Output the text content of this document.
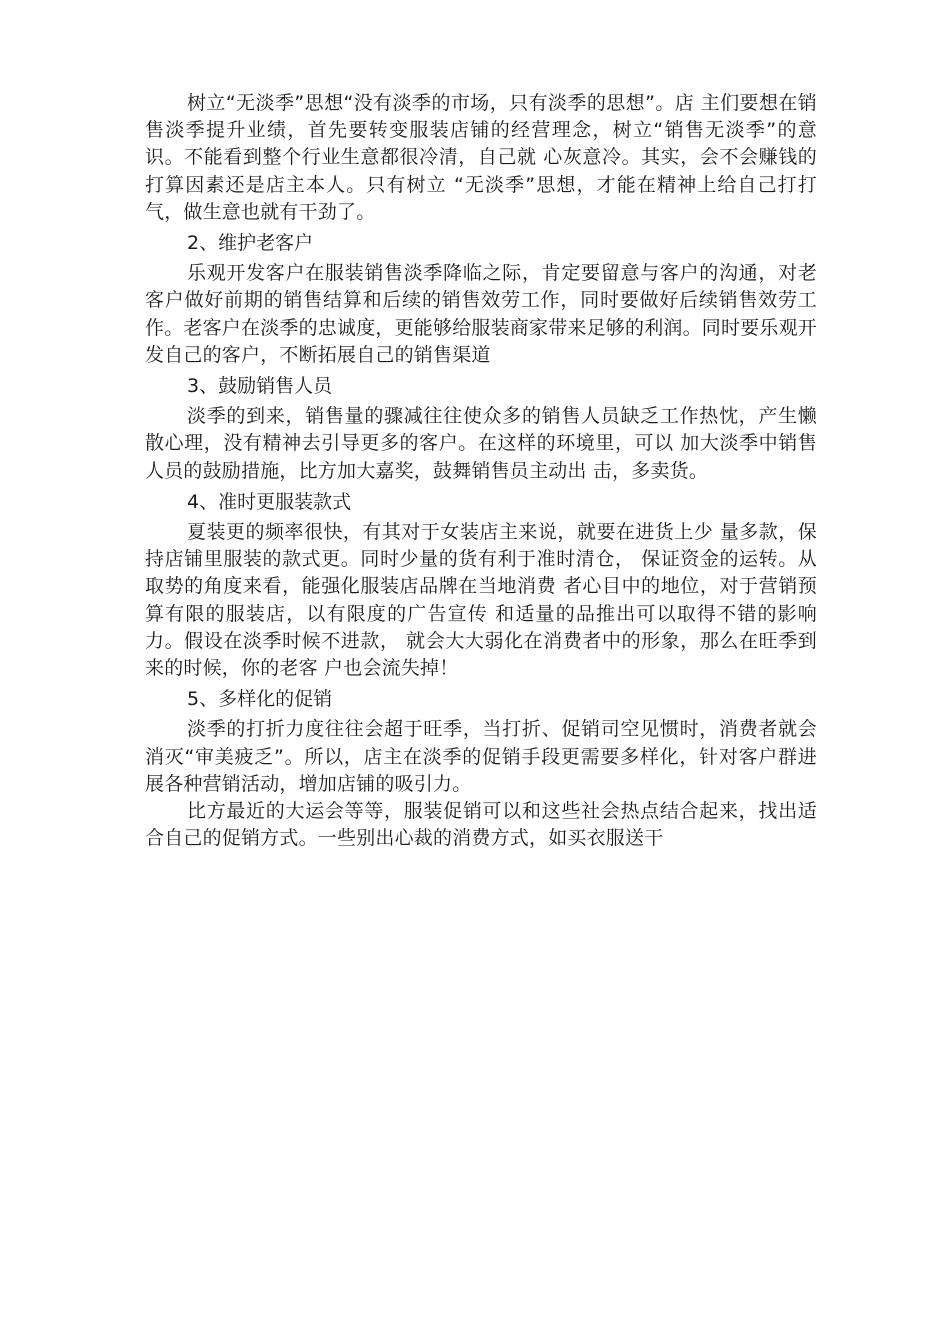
树立“无淡季”思想“没有淡季的市场，只有淡季的思想”。店 主们要想在销售淡季提升业绩，首先要转变服装店铺的经营理念，树立“销售无淡季”的意识。不能看到整个行业生意都很冷清，自己就 心灰意冷。其实，会不会赚钱的打算因素还是店主本人。只有树立 “无淡季”思想，才能在精神上给自己打打气，做生意也就有干劲了。

2、维护老客户

乐观开发客户在服装销售淡季降临之际，肯定要留意与客户的沟通，对老客户做好前期的销售结算和后续的销售效劳工作，同时要做好后续销售效劳工作。老客户在淡季的忠诚度，更能够给服装商家带来足够的利润。同时要乐观开发自己的客户，不断拓展自己的销售渠道

3、鼓励销售人员

淡季的到来，销售量的骤减往往使众多的销售人员缺乏工作热忱，产生懒散心理，没有精神去引导更多的客户。在这样的环境里，可以 加大淡季中销售人员的鼓励措施，比方加大嘉奖，鼓舞销售员主动出 击，多卖货。

4、准时更服装款式

夏装更的频率很快，有其对于女装店主来说，就要在进货上少 量多款，保持店铺里服装的款式更。同时少量的货有利于准时清仓， 保证资金的运转。从取势的角度来看，能强化服装店品牌在当地消费 者心目中的地位，对于营销预算有限的服装店，以有限度的广告宣传 和适量的品推出可以取得不错的影响力。假设在淡季时候不进款， 就会大大弱化在消费者中的形象，那么在旺季到来的时候，你的老客 户也会流失掉！

5、多样化的促销

淡季的打折力度往往会超于旺季，当打折、促销司空见惯时，消费者就会消灭“审美疲乏”。所以，店主在淡季的促销手段更需要多样化，针对客户群进展各种营销活动，增加店铺的吸引力。

比方最近的大运会等等，服装促销可以和这些社会热点结合起来，找出适合自己的促销方式。一些别出心裁的消费方式，如买衣服送干
